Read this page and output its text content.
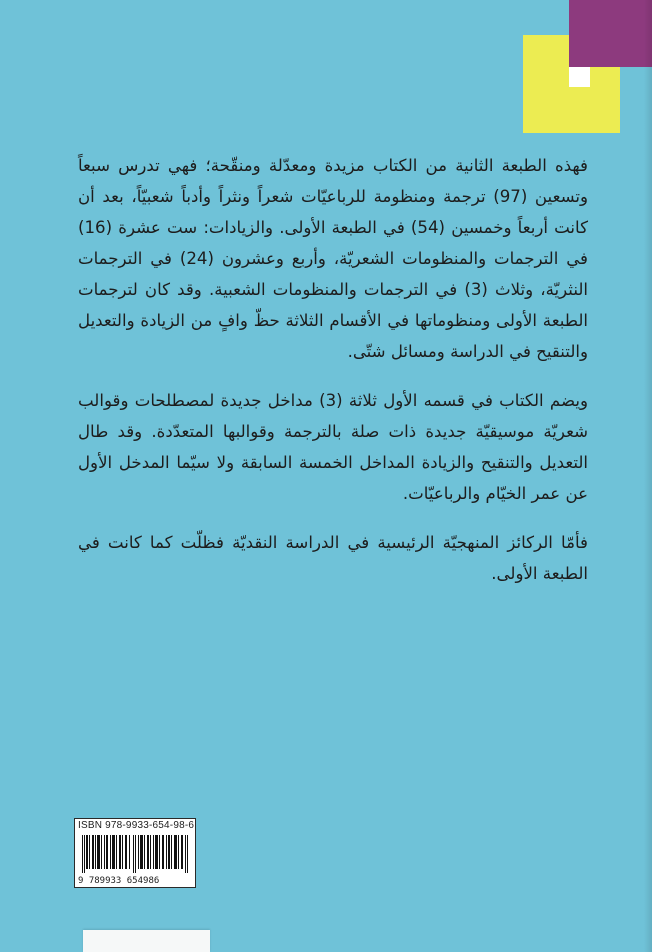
فهذه الطبعة الثانية من الكتاب مزيدة ومعدّلة ومنقّحة؛ فهي تدرس سبعاً وتسعين (97) ترجمة ومنظومة للرباعيّات شعراً ونثراً وأدباً شعبيّاً، بعد أن كانت أربعاً وخمسين (54) في الطبعة الأولى. والزيادات: ست عشرة (16) في الترجمات والمنظومات الشعريّة، وأربع وعشرون (24) في الترجمات النثريّة، وثلاث (3) في الترجمات والمنظومات الشعبية. وقد كان لترجمات الطبعة الأولى ومنظوماتها في الأقسام الثلاثة حظّ وافٍ من الزيادة والتعديل والتنقيح في الدراسة ومسائل شتّى.

ويضم الكتاب في قسمه الأول ثلاثة (3) مداخل جديدة لمصطلحات وقوالب شعريّة موسيقيّة جديدة ذات صلة بالترجمة وقوالبها المتعدّدة. وقد طال التعديل والتنقيح والزيادة المداخل الخمسة السابقة ولا سيّما المدخل الأول عن عمر الخيّام والرباعيّات.

فأمّا الركائز المنهجيّة الرئيسية في الدراسة النقديّة فظلّت كما كانت في الطبعة الأولى.

ISBN 978-9933-654-98-6
9 789933 654986
